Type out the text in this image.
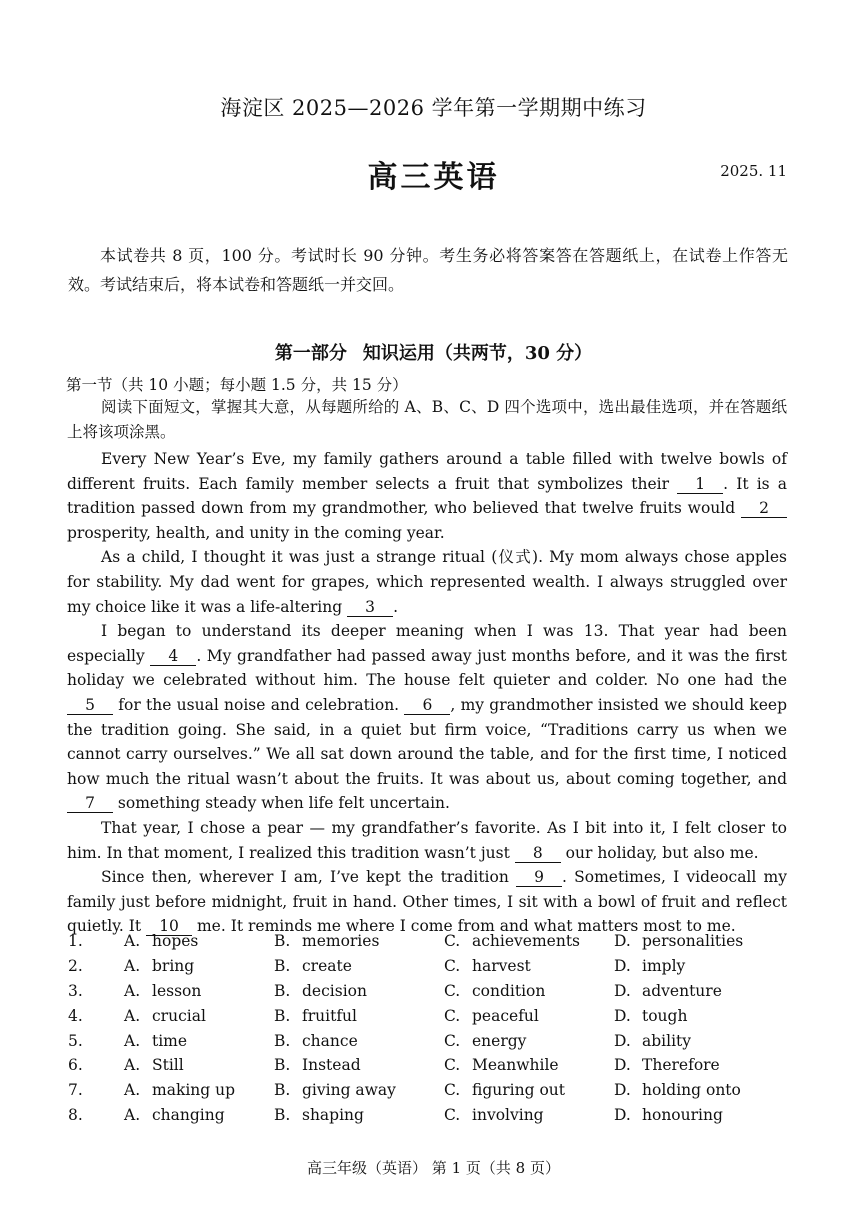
海淀区 2025—2026 学年第一学期期中练习
高三英语	2025. 11
本试卷共 8 页，100 分。考试时长 90 分钟。考生务必将答案答在答题纸上，在试卷上作答无效。考试结束后，将本试卷和答题纸一并交回。
第一部分 知识运用（共两节，30 分）
第一节（共 10 小题；每小题 1.5 分，共 15 分）
阅读下面短文，掌握其大意，从每题所给的 A、B、C、D 四个选项中，选出最佳选项，并在答题纸上将该项涂黑。

Every New Year’s Eve, my family gathers around a table filled with twelve bowls of different fruits. Each family member selects a fruit that symbolizes their 1 . It is a tradition passed down from my grandmother, who believed that twelve fruits would 2 prosperity, health, and unity in the coming year.

As a child, I thought it was just a strange ritual (仪式). My mom always chose apples for stability. My dad went for grapes, which represented wealth. I always struggled over my choice like it was a life-altering 3 .

I began to understand its deeper meaning when I was 13. That year had been especially 4 . My grandfather had passed away just months before, and it was the first holiday we celebrated without him. The house felt quieter and colder. No one had the 5 for the usual noise and celebration. 6 , my grandmother insisted we should keep the tradition going. She said, in a quiet but firm voice, “Traditions carry us when we cannot carry ourselves.” We all sat down around the table, and for the first time, I noticed how much the ritual wasn’t about the fruits. It was about us, about coming together, and 7 something steady when life felt uncertain.

That year, I chose a pear — my grandfather’s favorite. As I bit into it, I felt closer to him. In that moment, I realized this tradition wasn’t just 8 our holiday, but also me.

Since then, wherever I am, I’ve kept the tradition 9 . Sometimes, I videocall my family just before midnight, fruit in hand. Other times, I sit with a bowl of fruit and reflect quietly. It 10 me. It reminds me where I come from and what matters most to me.

1.	A. hopes	B. memories	C. achievements	D. personalities
2.	A. bring	B. create	C. harvest	D. imply
3.	A. lesson	B. decision	C. condition	D. adventure
4.	A. crucial	B. fruitful	C. peaceful	D. tough
5.	A. time	B. chance	C. energy	D. ability
6.	A. Still	B. Instead	C. Meanwhile	D. Therefore
7.	A. making up	B. giving away	C. figuring out	D. holding onto
8.	A. changing	B. shaping	C. involving	D. honouring
高三年级（英语） 第 1 页（共 8 页）
